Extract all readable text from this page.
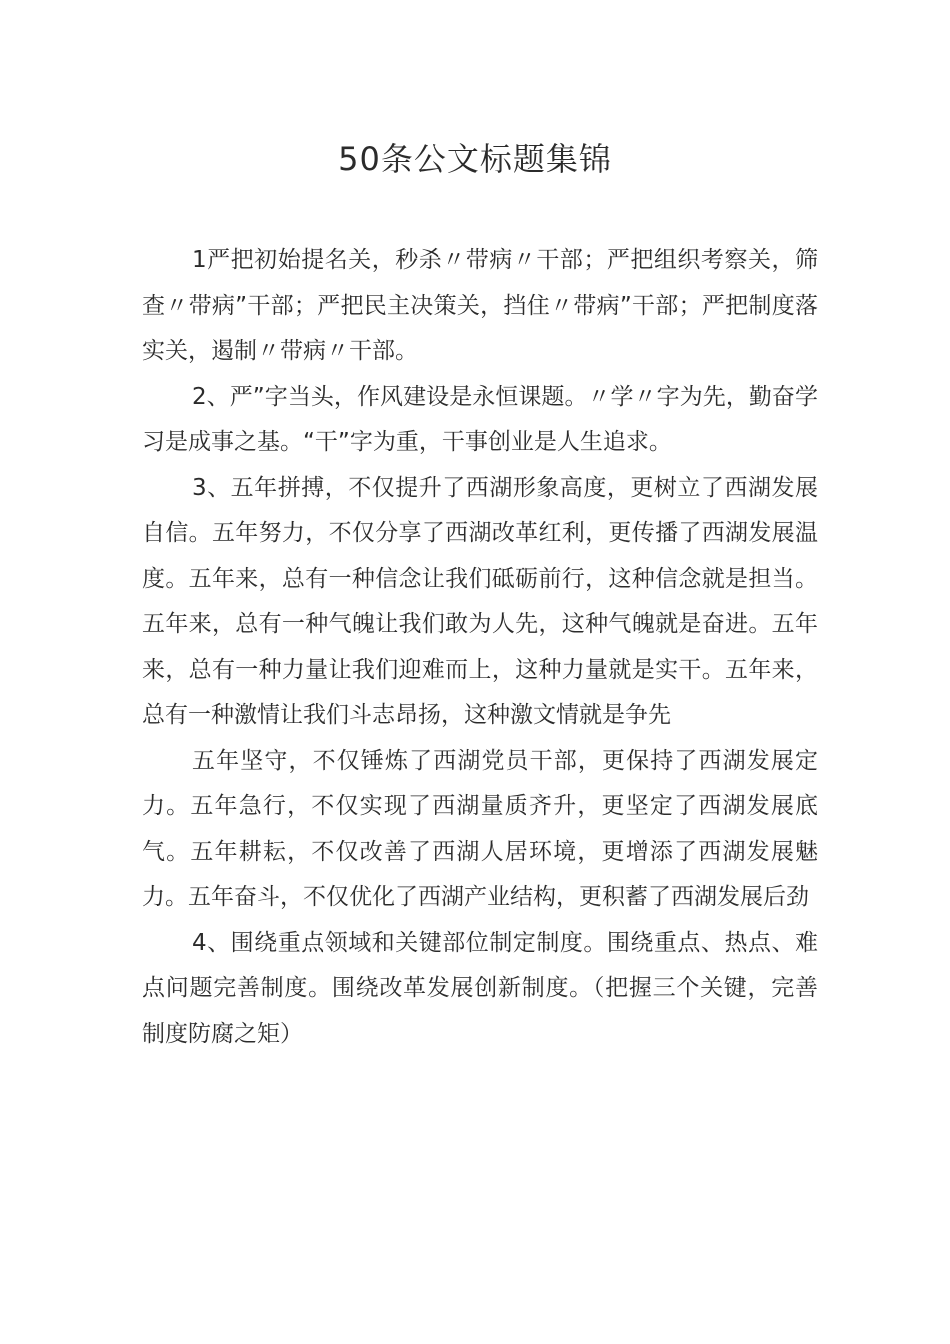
50条公文标题集锦

1严把初始提名关，秒杀〃带病〃干部；严把组织考察关，筛查〃带病”干部；严把民主决策关，挡住〃带病”干部；严把制度落实关，遏制〃带病〃干部。

2、严”字当头，作风建设是永恒课题。〃学〃字为先，勤奋学习是成事之基。“干”字为重，干事创业是人生追求。

3、五年拼搏，不仅提升了西湖形象高度，更树立了西湖发展自信。五年努力，不仅分享了西湖改革红利，更传播了西湖发展温度。五年来，总有一种信念让我们砥砺前行，这种信念就是担当。五年来，总有一种气魄让我们敢为人先，这种气魄就是奋进。五年来，总有一种力量让我们迎难而上，这种力量就是实干。五年来，总有一种激情让我们斗志昂扬，这种激文情就是争先

五年坚守，不仅锤炼了西湖党员干部，更保持了西湖发展定力。五年急行，不仅实现了西湖量质齐升，更坚定了西湖发展底气。五年耕耘，不仅改善了西湖人居环境，更增添了西湖发展魅力。五年奋斗，不仅优化了西湖产业结构，更积蓄了西湖发展后劲

4、围绕重点领域和关键部位制定制度。围绕重点、热点、难点问题完善制度。围绕改革发展创新制度。（把握三个关键，完善制度防腐之矩）
